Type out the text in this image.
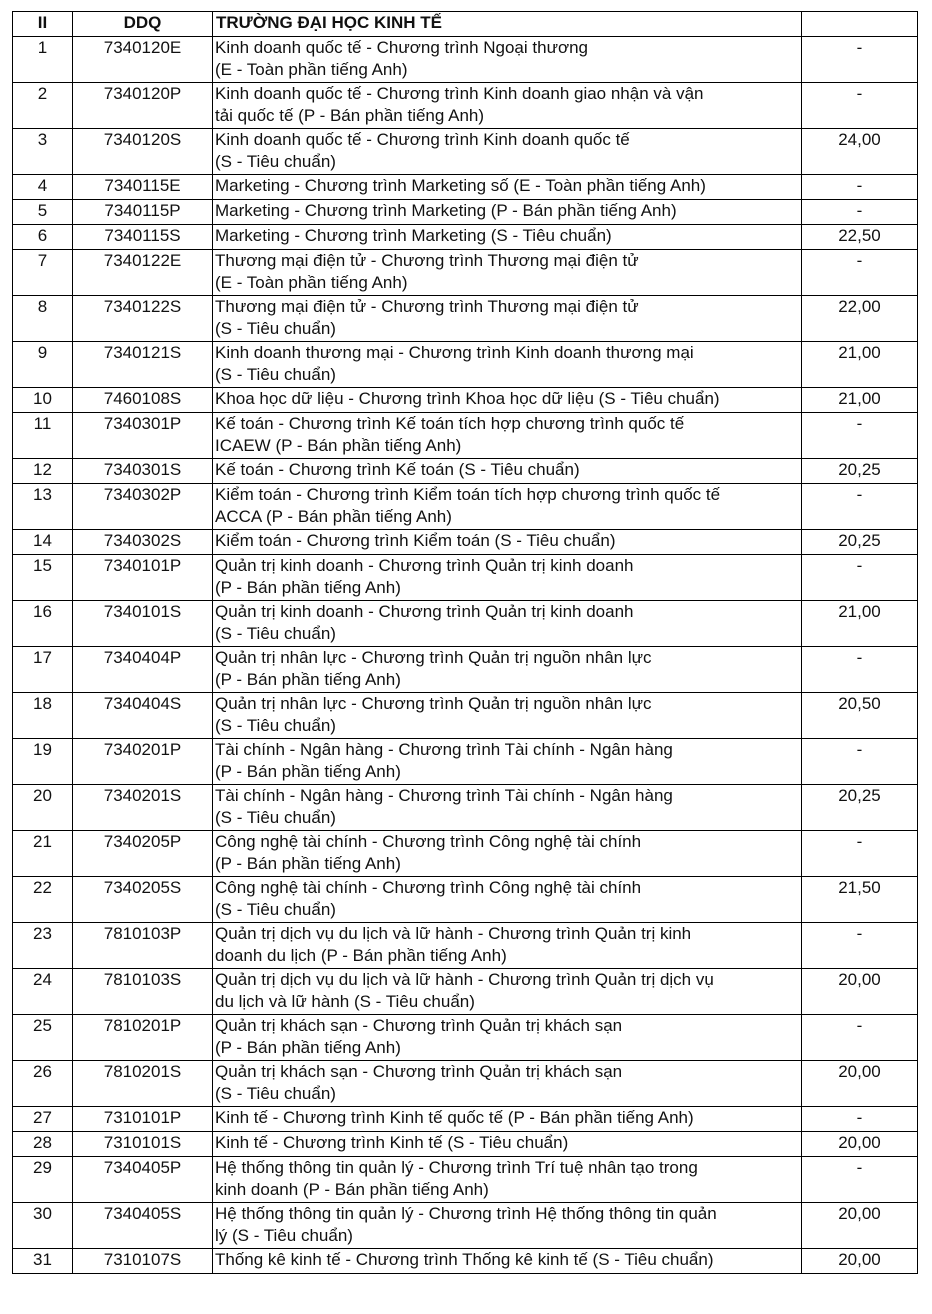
II	DDQ	TRƯỜNG ĐẠI HỌC KINH TẾ	
1	7340120E	Kinh doanh quốc tế - Chương trình Ngoại thương
(E - Toàn phần tiếng Anh)	-
2	7340120P	Kinh doanh quốc tế - Chương trình Kinh doanh giao nhận và vận
tải quốc tế (P - Bán phần tiếng Anh)	-
3	7340120S	Kinh doanh quốc tế - Chương trình Kinh doanh quốc tế
(S - Tiêu chuẩn)	24,00
4	7340115E	Marketing - Chương trình Marketing số (E - Toàn phần tiếng Anh)	-
5	7340115P	Marketing - Chương trình Marketing (P - Bán phần tiếng Anh)	-
6	7340115S	Marketing - Chương trình Marketing (S - Tiêu chuẩn)	22,50
7	7340122E	Thương mại điện tử - Chương trình Thương mại điện tử
(E - Toàn phần tiếng Anh)	-
8	7340122S	Thương mại điện tử - Chương trình Thương mại điện tử
(S - Tiêu chuẩn)	22,00
9	7340121S	Kinh doanh thương mại - Chương trình Kinh doanh thương mại
(S - Tiêu chuẩn)	21,00
10	7460108S	Khoa học dữ liệu - Chương trình Khoa học dữ liệu (S - Tiêu chuẩn)	21,00
11	7340301P	Kế toán - Chương trình Kế toán tích hợp chương trình quốc tế
ICAEW (P - Bán phần tiếng Anh)	-
12	7340301S	Kế toán - Chương trình Kế toán (S - Tiêu chuẩn)	20,25
13	7340302P	Kiểm toán - Chương trình Kiểm toán tích hợp chương trình quốc tế
ACCA (P - Bán phần tiếng Anh)	-
14	7340302S	Kiểm toán - Chương trình Kiểm toán (S - Tiêu chuẩn)	20,25
15	7340101P	Quản trị kinh doanh - Chương trình Quản trị kinh doanh
(P - Bán phần tiếng Anh)	-
16	7340101S	Quản trị kinh doanh - Chương trình Quản trị kinh doanh
(S - Tiêu chuẩn)	21,00
17	7340404P	Quản trị nhân lực - Chương trình Quản trị nguồn nhân lực
(P - Bán phần tiếng Anh)	-
18	7340404S	Quản trị nhân lực - Chương trình Quản trị nguồn nhân lực
(S - Tiêu chuẩn)	20,50
19	7340201P	Tài chính - Ngân hàng - Chương trình Tài chính - Ngân hàng
(P - Bán phần tiếng Anh)	-
20	7340201S	Tài chính - Ngân hàng - Chương trình Tài chính - Ngân hàng
(S - Tiêu chuẩn)	20,25
21	7340205P	Công nghệ tài chính - Chương trình Công nghệ tài chính
(P - Bán phần tiếng Anh)	-
22	7340205S	Công nghệ tài chính - Chương trình Công nghệ tài chính
(S - Tiêu chuẩn)	21,50
23	7810103P	Quản trị dịch vụ du lịch và lữ hành - Chương trình Quản trị kinh
doanh du lịch (P - Bán phần tiếng Anh)	-
24	7810103S	Quản trị dịch vụ du lịch và lữ hành - Chương trình Quản trị dịch vụ
du lịch và lữ hành (S - Tiêu chuẩn)	20,00
25	7810201P	Quản trị khách sạn - Chương trình Quản trị khách sạn
(P - Bán phần tiếng Anh)	-
26	7810201S	Quản trị khách sạn - Chương trình Quản trị khách sạn
(S - Tiêu chuẩn)	20,00
27	7310101P	Kinh tế - Chương trình Kinh tế quốc tế (P - Bán phần tiếng Anh)	-
28	7310101S	Kinh tế - Chương trình Kinh tế (S - Tiêu chuẩn)	20,00
29	7340405P	Hệ thống thông tin quản lý - Chương trình Trí tuệ nhân tạo trong
kinh doanh (P - Bán phần tiếng Anh)	-
30	7340405S	Hệ thống thông tin quản lý - Chương trình Hệ thống thông tin quản
lý (S - Tiêu chuẩn)	20,00
31	7310107S	Thống kê kinh tế - Chương trình Thống kê kinh tế (S - Tiêu chuẩn)	20,00
